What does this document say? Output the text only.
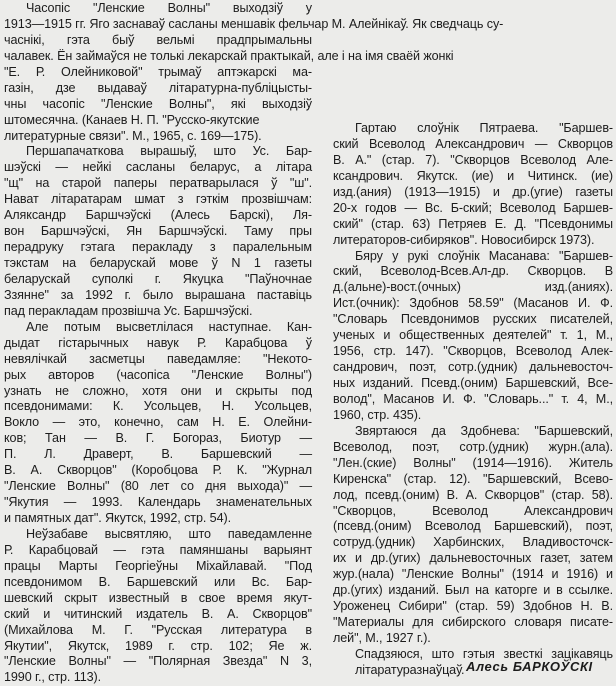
Часопіс "Ленские Волны" выходзіў у
1913—1915 гг. Яго заснаваў сасланы меншавік фельчар М. Алейнікаў. Як сведчаць су-
часнікі, гэта быў вельмі прадпрымальны
чалавек. Ён займаўся не толькі лекарскай практыкай, але і на імя сваёй жонкі
"Е. Р. Олейниковой" трымаў аптэкарскі ма-
газін, дзе выдаваў літаратурна-публіцысты-
чны часопіс "Ленские Волны", які выходзіў
штомесячна. (Канаев Н. П. "Русско-якутские
литературные связи". М., 1965, с. 169—175).
Першапачаткова вырашыў, што Ус. Бар-
шэўскі — нейкі сасланы беларус, а літара
"щ" на старой паперы ператварылася ў "ш".
Нават літаратарам шмат з гэткім прозвішчам:
Аляксандр Баршчэўскі (Алесь Барскі), Ля-
вон Баршчэўскі, Ян Баршчэўскі. Таму пры
перадруку гэтага перакладу з паралельным
тэкстам на беларускай мове ў N 1 газеты
беларускай суполкі г. Якуцка "Паўночнае
Ззянне" за 1992 г. было вырашана паставіць
пад перакладам прозвішча Ус. Баршчэўскі.
Але потым высветлілася наступнае. Кан-
дыдат гістарычных навук Р. Карабцова ў
невялічкай заcметцы паведамляе: "Некото-
рых авторов (часопіса "Ленские Волны")
узнать не сложно, хотя они и скрыты под
псевдонимами: К. Усольцев, Н. Усольцев,
Вокло — это, конечно, сам Н. Е. Олейни-
ков; Тан — В. Г. Богораз, Биотур —
П. Л. Драверт, В. Баршевский —
В. А. Скворцов" (Коробцова Р. К. "Журнал
"Ленские Волны" (80 лет со дня выхода)" —
"Якутия — 1993. Календарь знаменательных
и памятных дат". Якутск, 1992, стр. 54).
Неўзабаве высвятляю, што паведамленне
Р. Карабцовай — гэта памяншаны варыянт
працы Марты Георгіеўны Міхайлавай. "Под
псевдонимом В. Баршевский или Вс. Бар-
шевский скрыт известный в свое время якут-
ский и читинский издатель В. А. Скворцов"
(Михайлова М. Г. "Русская литература в
Якутии", Якутск, 1989 г. стр. 102; Яе ж.
"Ленские Волны" — "Полярная Звезда" N 3,
1990 г., стр. 113).
Гартаю слоўнік Пятраева. "Баршев-
ский Всеволод Александрович — Скворцов
В. А." (стар. 7). "Скворцов Всеволод Але-
ксандрович. Якутск. (ие) и Читинск. (ие)
изд.(ания) (1913—1915) и др.(угие) газеты
20-х годов — Вс. Б-ский; Всеволод Баршев-
ский" (стар. 63) Петряев Е. Д. "Псевдонимы
литераторов-сибиряков". Новосибирск 1973).
Бяру у рукі слоўнік Масанава: "Баршев-
ский, Всеволод-Всев.Ал-др. Скворцов. В
д.(альне)-вост.(очных) изд.(аниях).
Ист.(очник): Здобнов 58.59" (Масанов И. Ф.
"Словарь Псевдонимов русских писателей,
ученых и общественных деятелей" т. 1, М.,
1956, стр. 147). "Скворцов, Всеволод Алек-
сандрович, поэт, сотр.(удник) дальневосточ-
ных изданий. Псевд.(оним) Баршевский, Все-
волод", Масанов И. Ф. "Словарь..." т. 4, М.,
1960, стр. 435).
Звяртаюся да Здобнева: "Баршевский,
Всеволод, поэт, сотр.(удник) журн.(ала).
"Лен.(ские) Волны" (1914—1916). Житель
Киренска" (стар. 12). "Баршевский, Всево-
лод, псевд.(оним) В. А. Скворцов" (стар. 58).
"Скворцов, Всеволод Александрович
(псевд.(оним) Всеволод Баршевский), поэт,
сотруд.(удник) Харбинских, Владивосточск-
их и др.(угих) дальневосточных газет, затем
жур.(нала) "Ленские Волны" (1914 и 1916) и
др.(угих) изданий. Был на каторге и в ссылке.
Уроженец Сибири" (стар. 59) Здобнов Н. В.
"Материалы для сибирского словаря писате-
лей", М., 1927 г.).
Спадзяюся, што гэтыя звесткі зацікавяць
літаратуразнаўцаў. Алесь БАРКОЎСКІ
